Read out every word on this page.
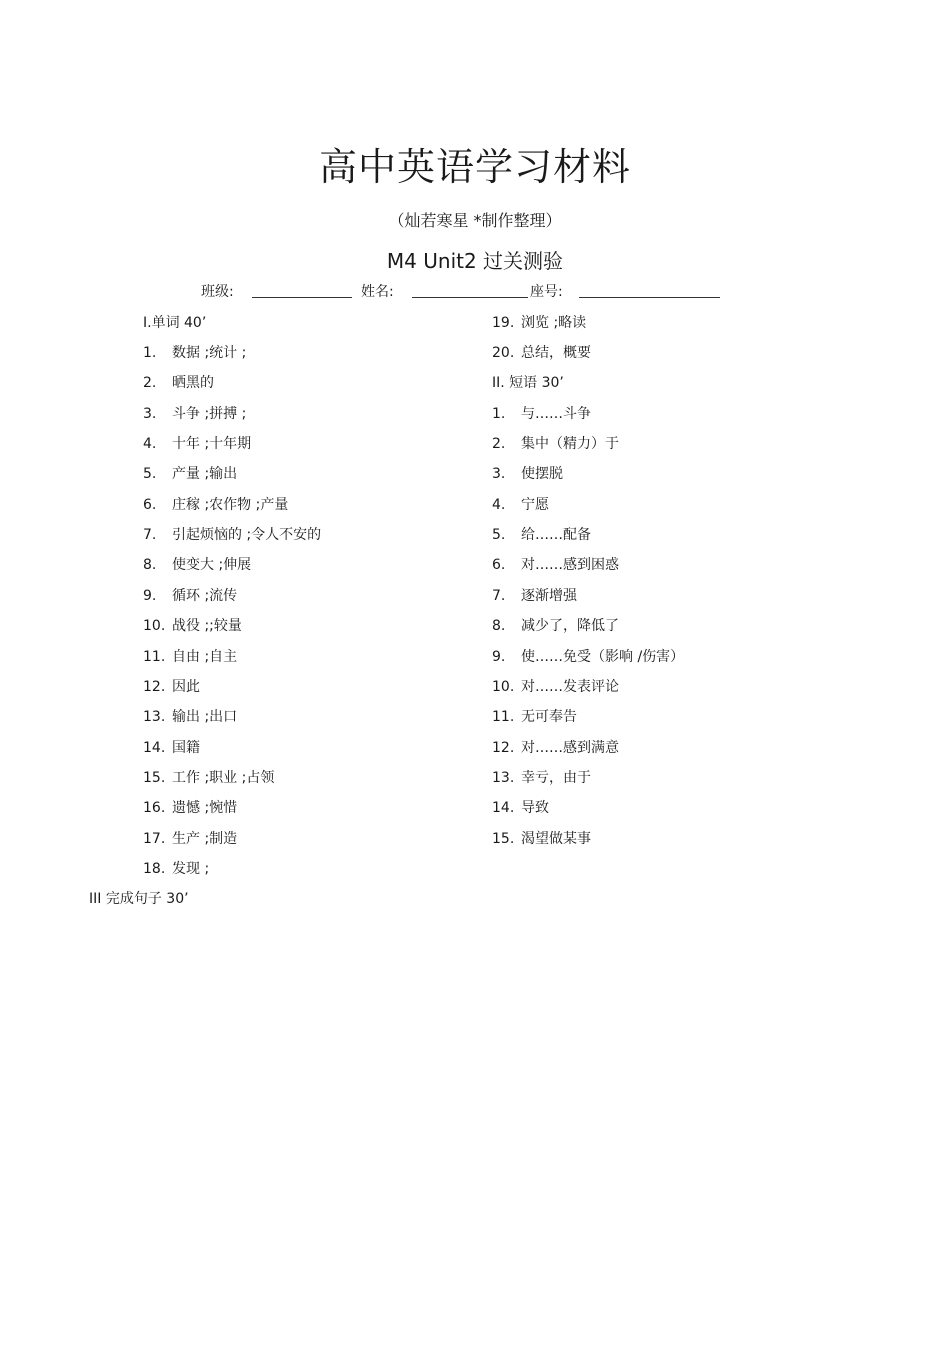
高中英语学习材料
（灿若寒星 *制作整理）
M4 Unit2 过关测验
班级:	姓名:	座号:
I.单词 40’
1. 数据 ;统计 ;
2. 晒黑的
3. 斗争 ;拼搏 ;
4. 十年 ;十年期
5. 产量 ;输出
6. 庄稼 ;农作物 ;产量
7. 引起烦恼的 ;令人不安的
8. 使变大 ;伸展
9. 循环 ;流传
10. 战役 ;;较量
11. 自由 ;自主
12. 因此
13. 输出 ;出口
14. 国籍
15. 工作 ;职业 ;占领
16. 遗憾 ;惋惜
17. 生产 ;制造
18. 发现 ;
19. 浏览 ;略读
20. 总结，概要
II. 短语 30’
1. 与……斗争
2. 集中（精力）于
3. 使摆脱
4. 宁愿
5. 给……配备
6. 对……感到困惑
7. 逐渐增强
8. 减少了，降低了
9. 使……免受（影响 /伤害）
10. 对……发表评论
11. 无可奉告
12. 对……感到满意
13. 幸亏，由于
14. 导致
15. 渴望做某事
III 完成句子 30’
